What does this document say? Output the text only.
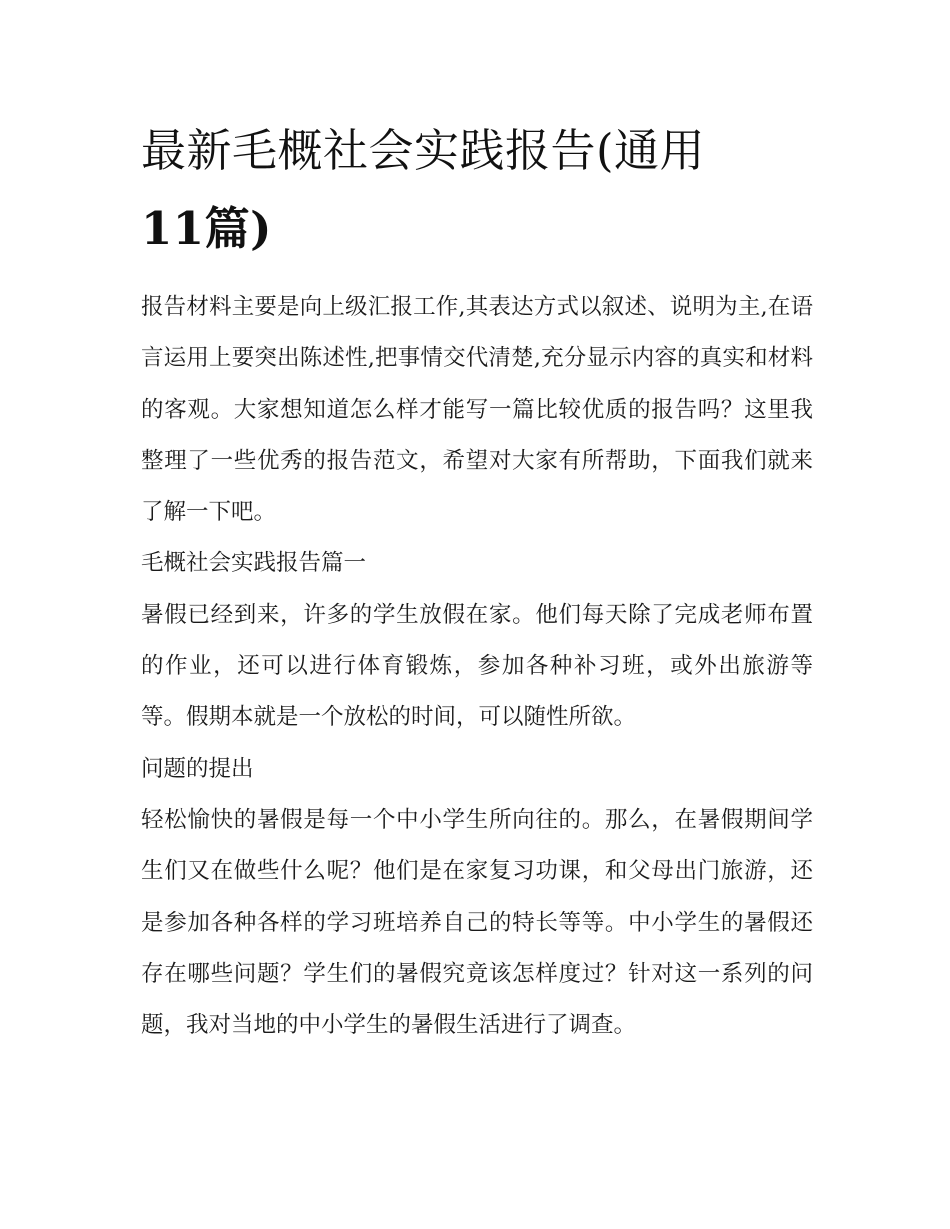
最新毛概社会实践报告(通用
11篇)

报告材料主要是向上级汇报工作,其表达方式以叙述、说明为主,在语言运用上要突出陈述性,把事情交代清楚,充分显示内容的真实和材料的客观。大家想知道怎么样才能写一篇比较优质的报告吗？这里我整理了一些优秀的报告范文，希望对大家有所帮助，下面我们就来了解一下吧。

毛概社会实践报告篇一

暑假已经到来，许多的学生放假在家。他们每天除了完成老师布置的作业，还可以进行体育锻炼，参加各种补习班，或外出旅游等等。假期本就是一个放松的时间，可以随性所欲。

问题的提出

轻松愉快的暑假是每一个中小学生所向往的。那么，在暑假期间学生们又在做些什么呢？他们是在家复习功课，和父母出门旅游，还是参加各种各样的学习班培养自己的特长等等。中小学生的暑假还存在哪些问题？学生们的暑假究竟该怎样度过？针对这一系列的问题，我对当地的中小学生的暑假生活进行了调查。
